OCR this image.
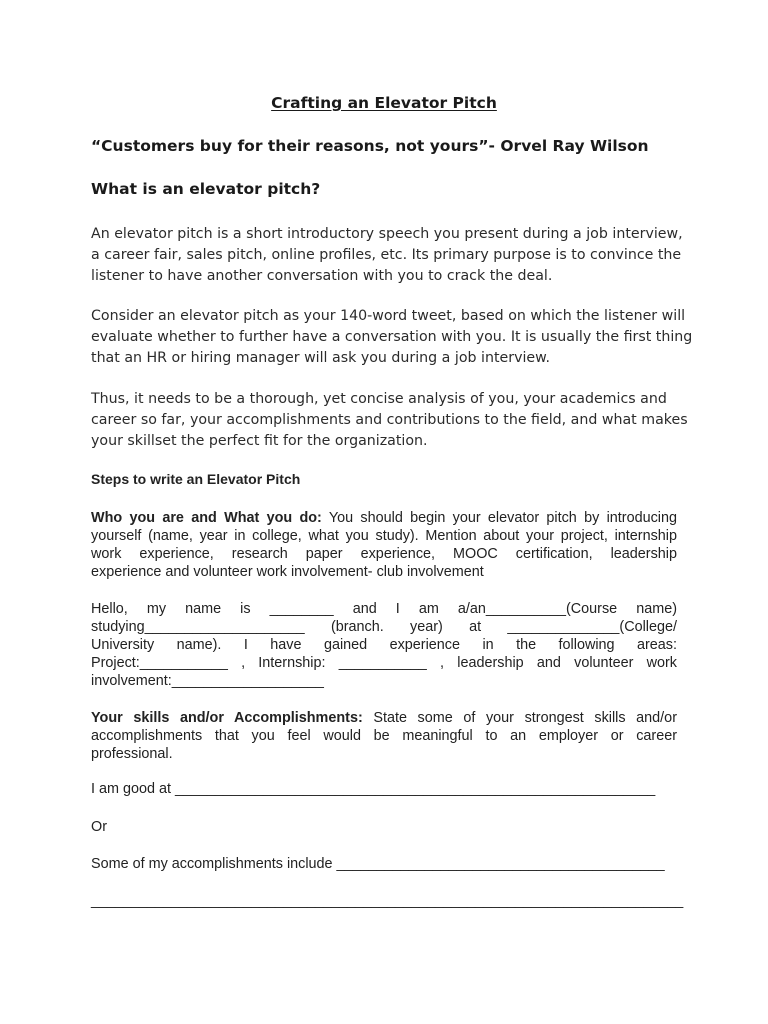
Crafting an Elevator Pitch
“Customers buy for their reasons, not yours”- Orvel Ray Wilson
What is an elevator pitch?
An elevator pitch is a short introductory speech you present during a job interview,
a career fair, sales pitch, online profiles, etc. Its primary purpose is to convince the
listener to have another conversation with you to crack the deal.
Consider an elevator pitch as your 140-word tweet, based on which the listener will
evaluate whether to further have a conversation with you. It is usually the first thing
that an HR or hiring manager will ask you during a job interview.
Thus, it needs to be a thorough, yet concise analysis of you, your academics and
career so far, your accomplishments and contributions to the field, and what makes
your skillset the perfect fit for the organization.
Steps to write an Elevator Pitch
Who you are and What you do: You should begin your elevator pitch by introducing
yourself (name, year in college, what you study). Mention about your project, internship
work experience, research paper experience, MOOC certification, leadership
experience and volunteer work involvement- club involvement
Hello, my name is ________ and I am a/an__________(Course name)
studying____________________ (branch. year) at ______________(College/
University name). I have gained experience in the following areas:
Project:___________ , Internship: ___________ , leadership and volunteer work
involvement:___________________
Your skills and/or Accomplishments: State some of your strongest skills and/or
accomplishments that you feel would be meaningful to an employer or career
professional.
I am good at ____________________________________________________________
Or
Some of my accomplishments include _________________________________________
__________________________________________________________________________
